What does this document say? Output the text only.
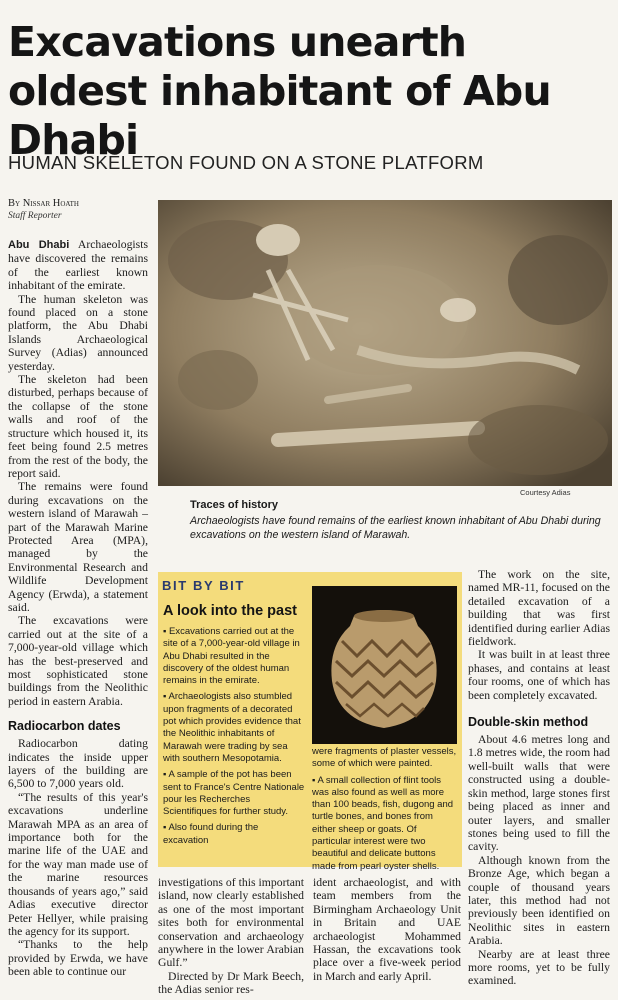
Excavations unearth oldest inhabitant of Abu Dhabi
HUMAN SKELETON FOUND ON A STONE PLATFORM
By Nissar Hoath
Staff Reporter

Abu Dhabi Archaeologists have discovered the remains of the earliest known inhabitant of the emirate.

The human skeleton was found placed on a stone platform, the Abu Dhabi Islands Archaeological Survey (Adias) announced yesterday.

The skeleton had been disturbed, perhaps because of the collapse of the stone walls and roof of the structure which housed it, its feet being found 2.5 metres from the rest of the body, the report said.

The remains were found during excavations on the western island of Marawah – part of the Marawah Marine Protected Area (MPA), managed by the Environmental Research and Wildlife Development Agency (Erwda), a statement said.

The excavations were carried out at the site of a 7,000-year-old village which has the best-preserved and most sophisticated stone buildings from the Neolithic period in eastern Arabia.

Radiocarbon dates

Radiocarbon dating indicates the inside upper layers of the building are 6,500 to 7,000 years old.

“The results of this year's excavations underline Marawah MPA as an area of importance both for the marine life of the UAE and for the way man made use of the marine resources thousands of years ago,” said Adias executive director Peter Hellyer, while praising the agency for its support.

“Thanks to the help provided by Erwda, we have been able to continue our

Courtesy Adias
Traces of history
Archaeologists have found remains of the earliest known inhabitant of Abu Dhabi during excavations on the western island of Marawah.
BIT BY BIT
A look into the past

▪ Excavations carried out at the site of a 7,000-year-old village in Abu Dhabi resulted in the discovery of the oldest human remains in the emirate.

▪ Archaeologists also stumbled upon fragments of a decorated pot which provides evidence that the Neolithic inhabitants of Marawah were trading by sea with southern Mesopotamia.

▪ A sample of the pot has been sent to France's Centre Nationale pour les Recherches Scientifiques for further study.

▪ Also found during the excavation

were fragments of plaster vessels, some of which were painted.

▪ A small collection of flint tools was also found as well as more than 100 beads, fish, dugong and turtle bones, and bones from either sheep or goats. Of particular interest were two beautiful and delicate buttons made from pearl oyster shells.

investigations of this important island, now clearly established as one of the most important sites both for environmental conservation and archaeology anywhere in the lower Arabian Gulf.”

Directed by Dr Mark Beech, the Adias senior res-

ident archaeologist, and with team members from the Birmingham Archaeology Unit in Britain and UAE archaeologist Mohammed Hassan, the excavations took place over a five-week period in March and early April.

The work on the site, named MR-11, focused on the detailed excavation of a building that was first identified during earlier Adias fieldwork.

It was built in at least three phases, and contains at least four rooms, one of which has been completely excavated.

Double-skin method

About 4.6 metres long and 1.8 metres wide, the room had well-built walls that were constructed using a double-skin method, large stones first being placed as inner and outer layers, and smaller stones being used to fill the cavity.

Although known from the Bronze Age, which began a couple of thousand years later, this method had not previously been identified on Neolithic sites in eastern Arabia.

Nearby are at least three more rooms, yet to be fully examined.
